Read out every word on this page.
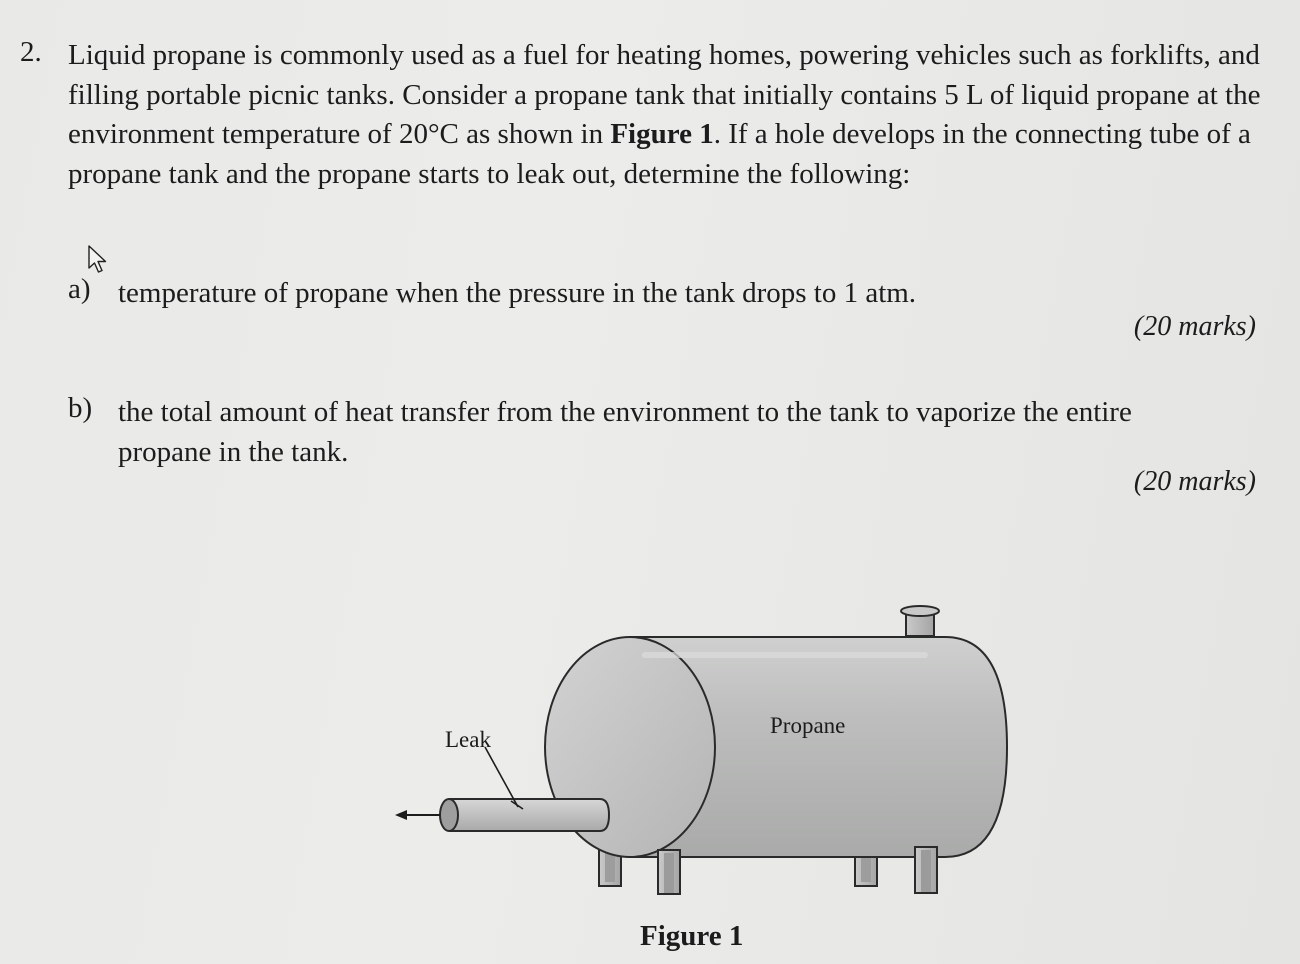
2. Liquid propane is commonly used as a fuel for heating homes, powering vehicles such as forklifts, and filling portable picnic tanks. Consider a propane tank that initially contains 5 L of liquid propane at the environment temperature of 20°C as shown in Figure 1. If a hole develops in the connecting tube of a propane tank and the propane starts to leak out, determine the following:
a) temperature of propane when the pressure in the tank drops to 1 atm.
(20 marks)
b) the total amount of heat transfer from the environment to the tank to vaporize the entire
propane in the tank.
(20 marks)
Leak
Propane
Figure 1
